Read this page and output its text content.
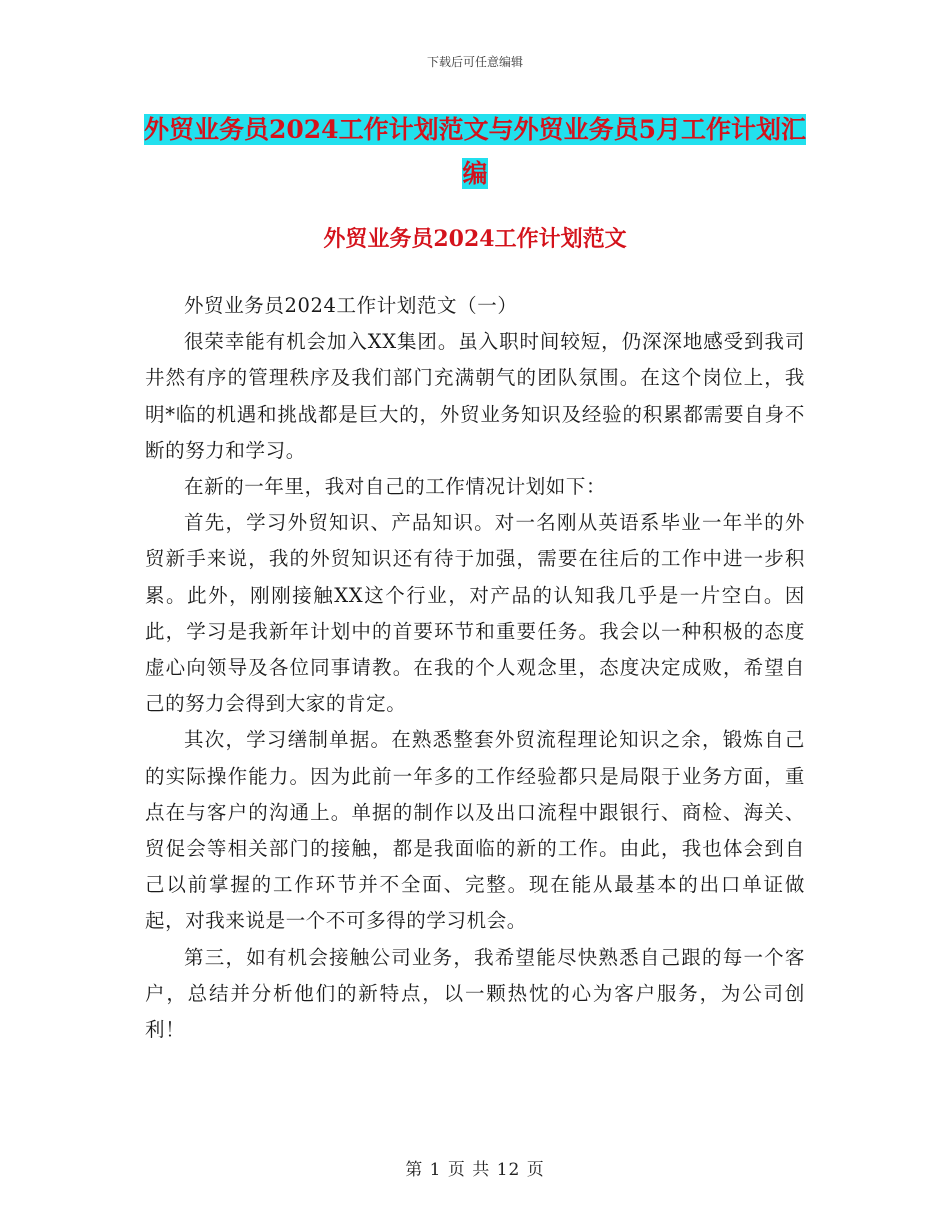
下载后可任意编辑
外贸业务员2024工作计划范文与外贸业务员5月工作计划汇编
外贸业务员2024工作计划范文

外贸业务员2024工作计划范文（一）

很荣幸能有机会加入XX集团。虽入职时间较短，仍深深地感受到我司井然有序的管理秩序及我们部门充满朝气的团队氛围。在这个岗位上，我明*临的机遇和挑战都是巨大的，外贸业务知识及经验的积累都需要自身不断的努力和学习。

在新的一年里，我对自己的工作情况计划如下：

首先，学习外贸知识、产品知识。对一名刚从英语系毕业一年半的外贸新手来说，我的外贸知识还有待于加强，需要在往后的工作中进一步积累。此外，刚刚接触XX这个行业，对产品的认知我几乎是一片空白。因此，学习是我新年计划中的首要环节和重要任务。我会以一种积极的态度虚心向领导及各位同事请教。在我的个人观念里，态度决定成败，希望自己的努力会得到大家的肯定。

其次，学习缮制单据。在熟悉整套外贸流程理论知识之余，锻炼自己的实际操作能力。因为此前一年多的工作经验都只是局限于业务方面，重点在与客户的沟通上。单据的制作以及出口流程中跟银行、商检、海关、贸促会等相关部门的接触，都是我面临的新的工作。由此，我也体会到自己以前掌握的工作环节并不全面、完整。现在能从最基本的出口单证做起，对我来说是一个不可多得的学习机会。

第三，如有机会接触公司业务，我希望能尽快熟悉自己跟的每一个客户，总结并分析他们的新特点，以一颗热忱的心为客户服务，为公司创利！

第 1 页 共 12 页
